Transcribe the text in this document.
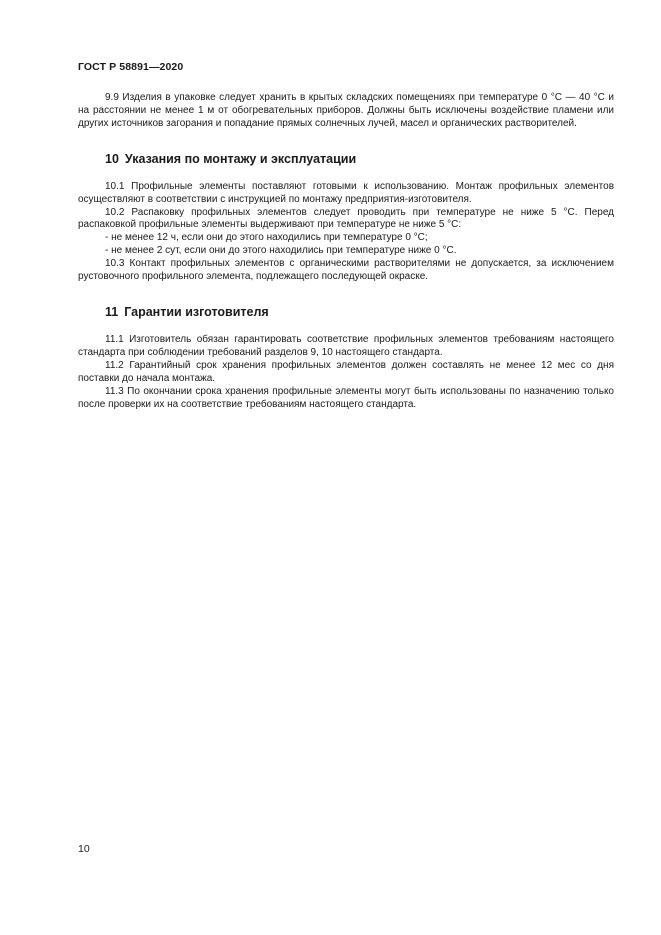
ГОСТ Р 58891—2020

9.9 Изделия в упаковке следует хранить в крытых складских помещениях при температуре 0 °С — 40 °С и на расстоянии не менее 1 м от обогревательных приборов. Должны быть исключены воздействие пламени или других источников загорания и попадание прямых солнечных лучей, масел и органических растворителей.

10 Указания по монтажу и эксплуатации

10.1 Профильные элементы поставляют готовыми к использованию. Монтаж профильных элементов осуществляют в соответствии с инструкцией по монтажу предприятия-изготовителя.

10.2 Распаковку профильных элементов следует проводить при температуре не ниже 5 °С. Перед распаковкой профильные элементы выдерживают при температуре не ниже 5 °С:

- не менее 12 ч, если они до этого находились при температуре 0 °С;

- не менее 2 сут, если они до этого находились при температуре ниже 0 °С.

10.3 Контакт профильных элементов с органическими растворителями не допускается, за исключением рустовочного профильного элемента, подлежащего последующей окраске.

11 Гарантии изготовителя

11.1 Изготовитель обязан гарантировать соответствие профильных элементов требованиям настоящего стандарта при соблюдении требований разделов 9, 10 настоящего стандарта.

11.2 Гарантийный срок хранения профильных элементов должен составлять не менее 12 мес со дня поставки до начала монтажа.

11.3 По окончании срока хранения профильные элементы могут быть использованы по назначению только после проверки их на соответствие требованиям настоящего стандарта.

10
